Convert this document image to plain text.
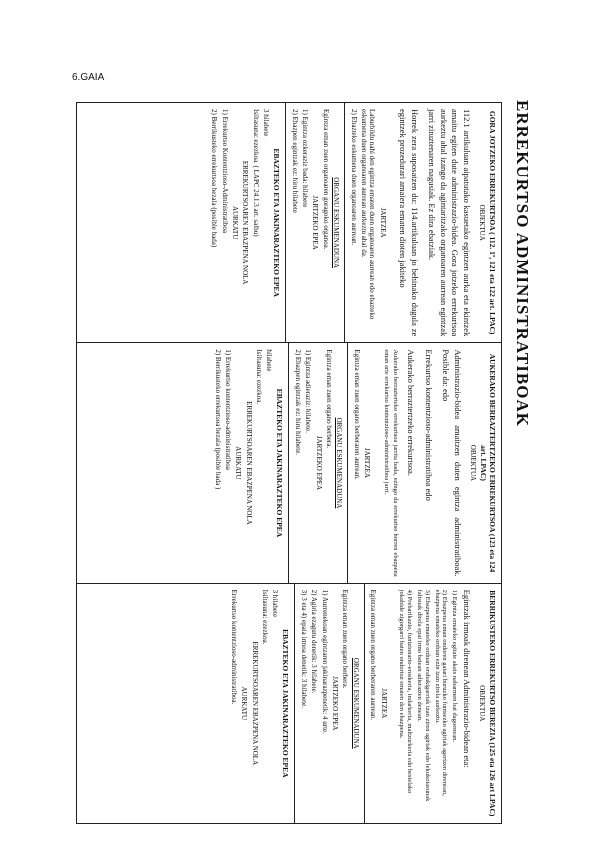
6.GAIA
ERREKURTSO ADMINISTRATIBOAK
GORA JOTZEKO ERREKURTSOA ( 112. 1º, 121 eta 122 art. LPAC)
OBJEKTUA
112.1 artikuluan aipatutako kasuetako egintzen aurka eta ekintzek amaitu egiten dute administrazio-bidea. Gora jotzeko errekurtsoa aurkeztu ahal izango da agintaritzako organoaren aurrean egintzak jarri zituztenaren nagusiak. Ez dira ebatziak.
Horrek zera suposatzen du: 114.artikuluan jo behinako dugula ze egintzek prozedurari amaiera ematen dioten jakiteko
JARTZEA

Laburbildu nahi den egintza ematen duen organoaren aurrean edo ebazteko eskumena duen organoaren aurrean aurkeztu ahal da.

2) Ebazteko eskumena duen organoaren aurrean.

ORGANU ESKUMENADUNA

Egintza eman zuen organoaren goragoko organoa.

JARTZEKO EPEA

1) Egintza ozkeraziz bada: hilabete

2) Ebazpen egintzak ez: hiru hilabete

EBAZTEKO ETA JAKINARAZTEKO EPEA

3 hilabete

Isiltasuna: ezezkoa. ( LAPC 24.1.3 art. salbu)

ERREKURTSOAREN EBAZPENA NOLA
AURKATU

1) Errekurtso Kontentzioso-Administratiboa

2) Berrikusteko errekurtsoa bezala (posible bada)

AUKERAKO BERRAZTERTZEKO ERREKURTSOA (123 eta 124 art. LPAC)
OBJEKTUA
Administrazio-bidea amaitzen duten egintza administratiboak. Posible da: edo
Errekurtso kontentzioso-administratiboa edo
Aukerako berraztertzeko errekurtsoa.
Aukerako berrazterteko errekurtsoa jarrita bada, ezingo da errekurtso horren ebazpena eman arte errekurtso kontentzioso-administratiboa jarri.
JARTZEA

Egintza eman zuen organo berberaren aurrean.

ORGANU ESKUMENADUNA

Egintza eman zuen organo berbera.

JARTZEKO EPEA

1) Egintza adieraziz: hilabete.

2) Ebazpen egintzak ez: hiru hilabete.

EBAZTEKO ETA JAKINARAZTEKO EPEA

hilabete

Isiltasuna: ezezkoa.

ERREKURTSOAREN EBAZPENA NOLA
AURKATU

1) Errekurtso kontentzioso-administratiboa

2) Berrikusteko errekurtsoa bezala (posible bada )

BERRIKUSTEKO ERREKURTSO BEREZIA (125 eta 126 art LPAC)
OBJEKTUA
Egintzak irmoak direnean Administrazio-bidean eta:

1) Egintza emateko egitate akats nabarmen bat dagoenean.

2) Ebazpena eman ondoren gaiari buruzko funtsezko agiriak agertzen direnean, ebazpena emateko orduan ezin izan zirela aurkeztu.

3) Ebazpena emateko orduan erabakigarriak izan ziren agiriak edo lekukotasunak faltsuak direla epai irmo batean adierazten denean.

4) Prebarikazio, funtzionario-eroskeria, indarkeria, maltzurkeria edo bestelako jokabide zigorgarri baten ondorioz ematen den ebazpena.

JARTZEA

Egintza eman zuen organo berberaren aurrean.

ORGANU ESKUMENADUNA

Egintza eman zuen organo berbera.

JARTZEKO EPEA

1) Aurrenekoan egintzaren jakinarazpenetik: 4 urte.

2) Agiria ezagutu denetik: 3 hilabete.

3) 3 eta 4) epaia irmoa denetik: 3 hilabete.

EBAZTEKO ETA JAKINARAZTEKO EPEA

3 hilabete

Isiltasuna: ezezkoa.

ERREKURTSOAREN EBAZPENA NOLA
AURKATU

Errekurtso kontentzioso-administratiboa.
